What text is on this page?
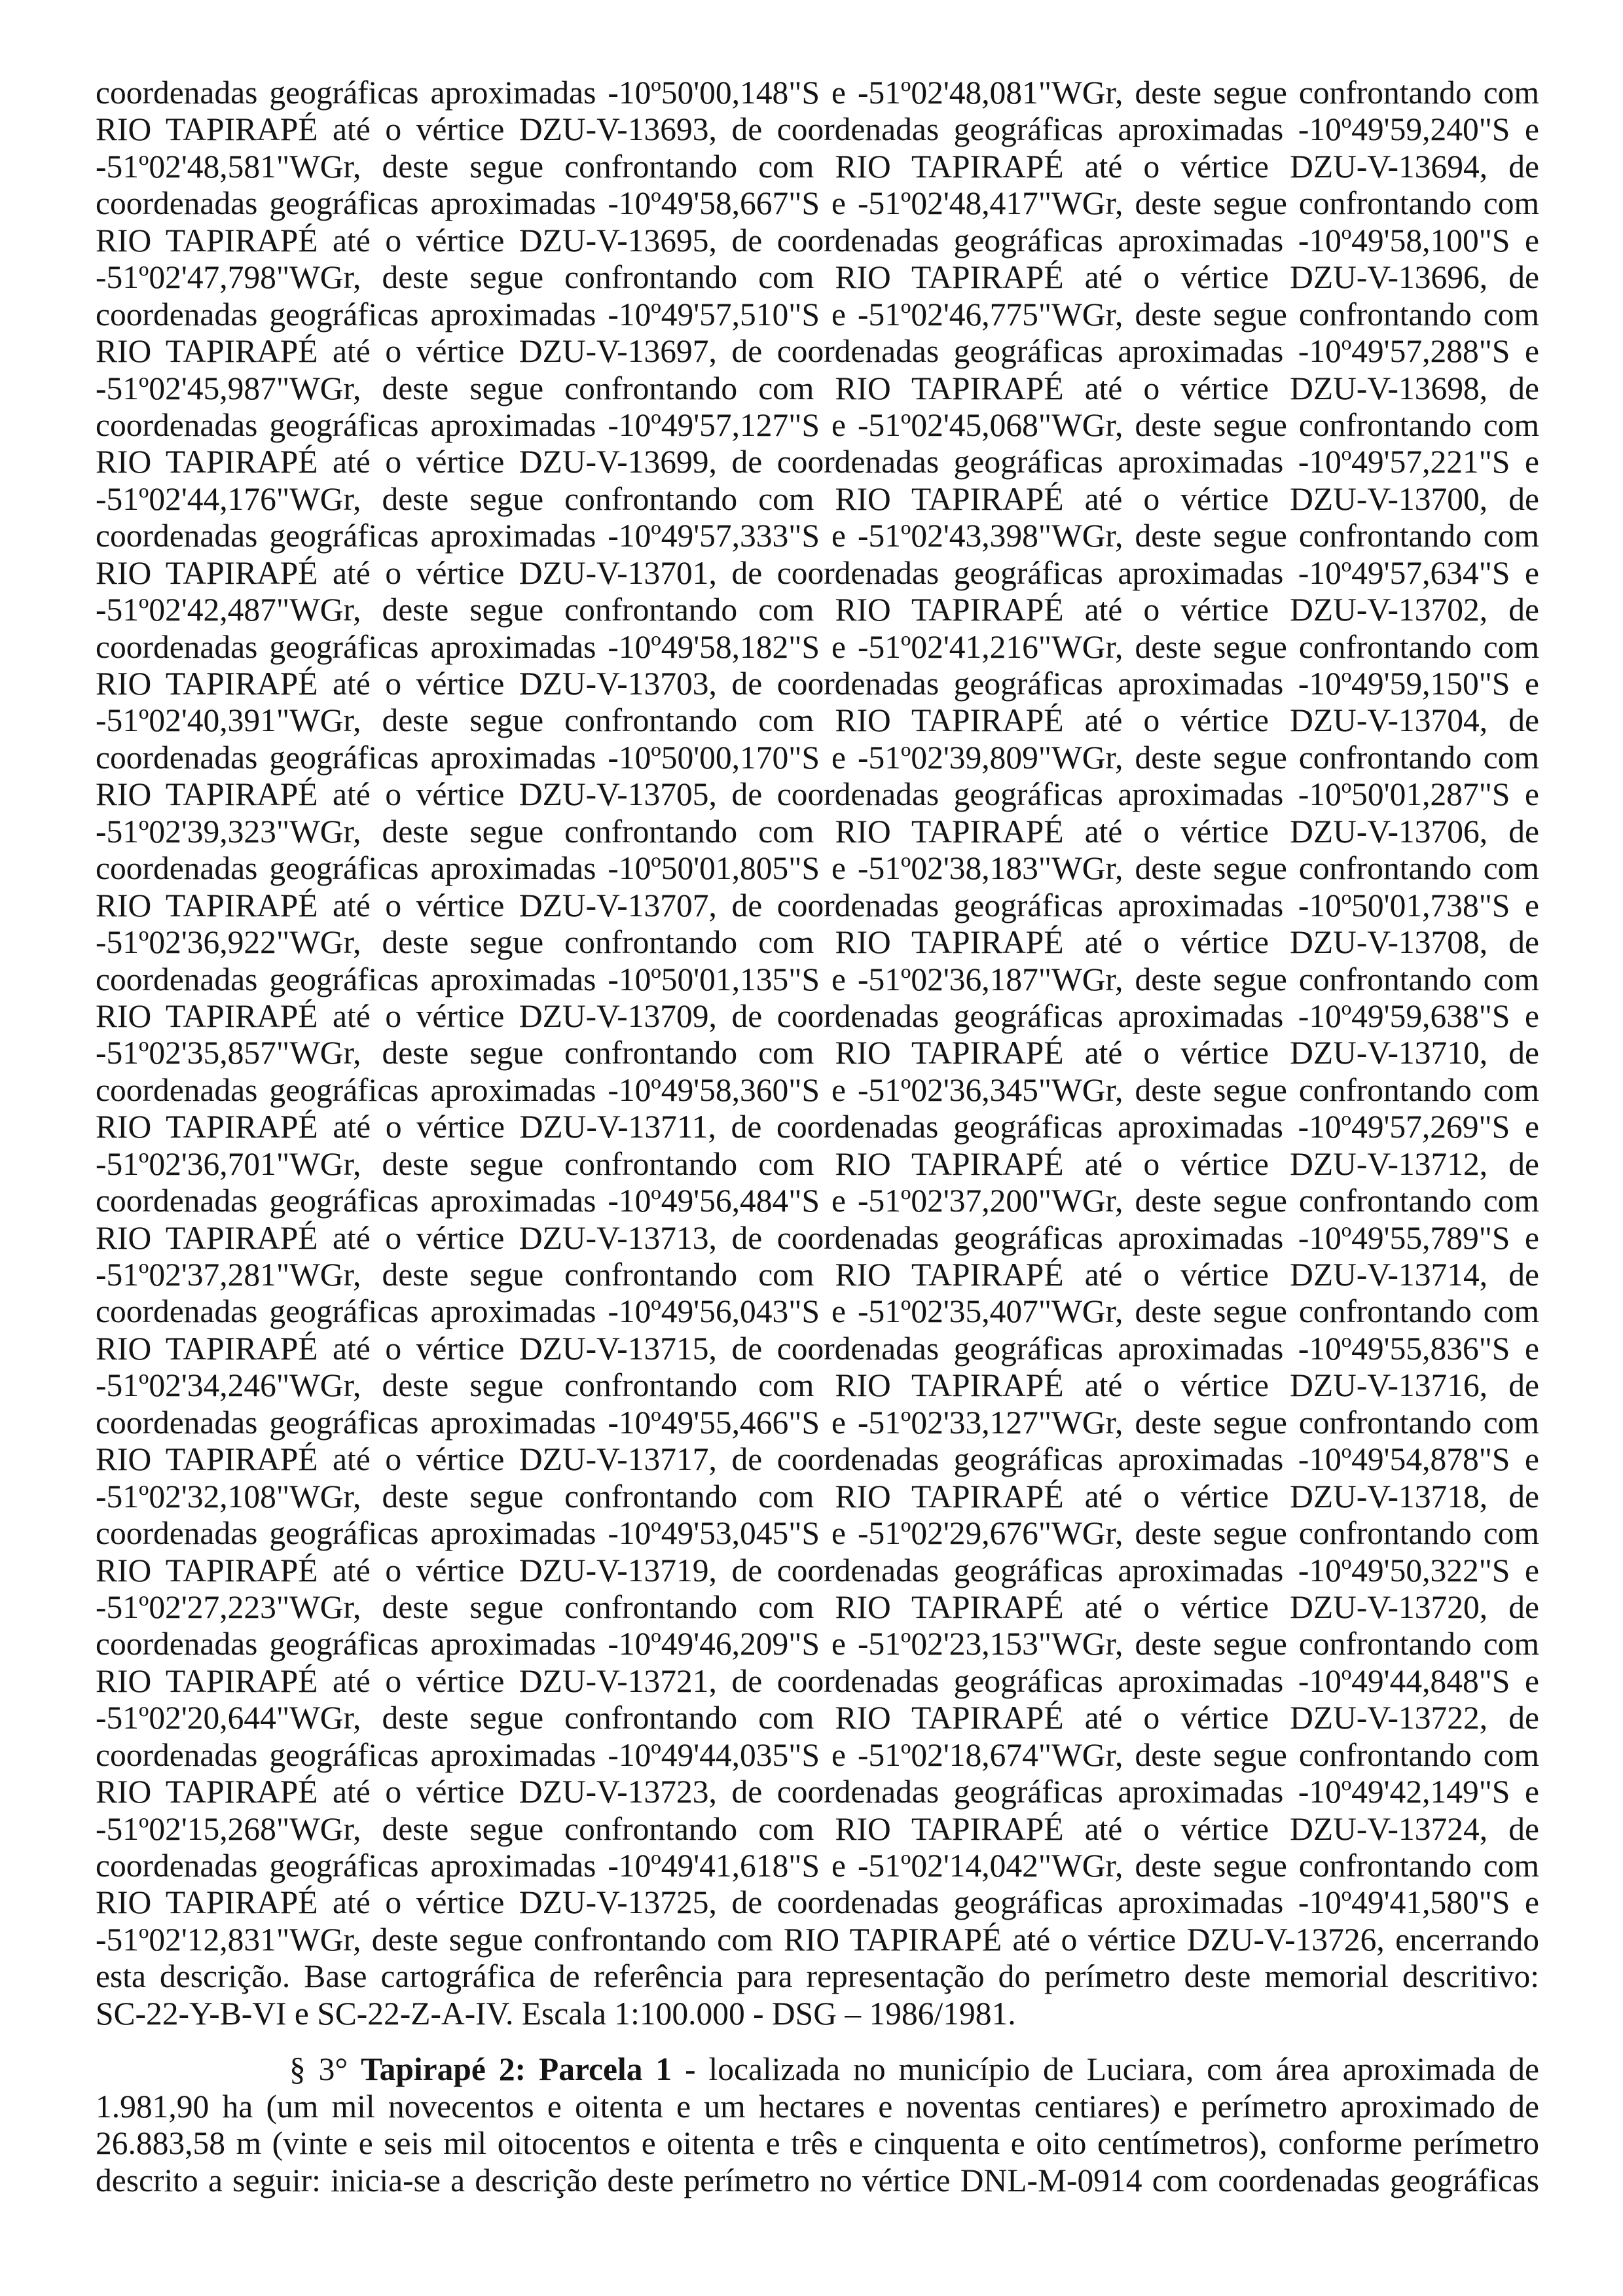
coordenadas geográficas aproximadas -10º50'00,148"S e -51º02'48,081"WGr, deste segue confrontando com
RIO TAPIRAPÉ até o vértice DZU-V-13693, de coordenadas geográficas aproximadas -10º49'59,240"S e
-51º02'48,581"WGr, deste segue confrontando com RIO TAPIRAPÉ até o vértice DZU-V-13694, de
coordenadas geográficas aproximadas -10º49'58,667"S e -51º02'48,417"WGr, deste segue confrontando com
RIO TAPIRAPÉ até o vértice DZU-V-13695, de coordenadas geográficas aproximadas -10º49'58,100"S e
-51º02'47,798"WGr, deste segue confrontando com RIO TAPIRAPÉ até o vértice DZU-V-13696, de
coordenadas geográficas aproximadas -10º49'57,510"S e -51º02'46,775"WGr, deste segue confrontando com
RIO TAPIRAPÉ até o vértice DZU-V-13697, de coordenadas geográficas aproximadas -10º49'57,288"S e
-51º02'45,987"WGr, deste segue confrontando com RIO TAPIRAPÉ até o vértice DZU-V-13698, de
coordenadas geográficas aproximadas -10º49'57,127"S e -51º02'45,068"WGr, deste segue confrontando com
RIO TAPIRAPÉ até o vértice DZU-V-13699, de coordenadas geográficas aproximadas -10º49'57,221"S e
-51º02'44,176"WGr, deste segue confrontando com RIO TAPIRAPÉ até o vértice DZU-V-13700, de
coordenadas geográficas aproximadas -10º49'57,333"S e -51º02'43,398"WGr, deste segue confrontando com
RIO TAPIRAPÉ até o vértice DZU-V-13701, de coordenadas geográficas aproximadas -10º49'57,634"S e
-51º02'42,487"WGr, deste segue confrontando com RIO TAPIRAPÉ até o vértice DZU-V-13702, de
coordenadas geográficas aproximadas -10º49'58,182"S e -51º02'41,216"WGr, deste segue confrontando com
RIO TAPIRAPÉ até o vértice DZU-V-13703, de coordenadas geográficas aproximadas -10º49'59,150"S e
-51º02'40,391"WGr, deste segue confrontando com RIO TAPIRAPÉ até o vértice DZU-V-13704, de
coordenadas geográficas aproximadas -10º50'00,170"S e -51º02'39,809"WGr, deste segue confrontando com
RIO TAPIRAPÉ até o vértice DZU-V-13705, de coordenadas geográficas aproximadas -10º50'01,287"S e
-51º02'39,323"WGr, deste segue confrontando com RIO TAPIRAPÉ até o vértice DZU-V-13706, de
coordenadas geográficas aproximadas -10º50'01,805"S e -51º02'38,183"WGr, deste segue confrontando com
RIO TAPIRAPÉ até o vértice DZU-V-13707, de coordenadas geográficas aproximadas -10º50'01,738"S e
-51º02'36,922"WGr, deste segue confrontando com RIO TAPIRAPÉ até o vértice DZU-V-13708, de
coordenadas geográficas aproximadas -10º50'01,135"S e -51º02'36,187"WGr, deste segue confrontando com
RIO TAPIRAPÉ até o vértice DZU-V-13709, de coordenadas geográficas aproximadas -10º49'59,638"S e
-51º02'35,857"WGr, deste segue confrontando com RIO TAPIRAPÉ até o vértice DZU-V-13710, de
coordenadas geográficas aproximadas -10º49'58,360"S e -51º02'36,345"WGr, deste segue confrontando com
RIO TAPIRAPÉ até o vértice DZU-V-13711, de coordenadas geográficas aproximadas -10º49'57,269"S e
-51º02'36,701"WGr, deste segue confrontando com RIO TAPIRAPÉ até o vértice DZU-V-13712, de
coordenadas geográficas aproximadas -10º49'56,484"S e -51º02'37,200"WGr, deste segue confrontando com
RIO TAPIRAPÉ até o vértice DZU-V-13713, de coordenadas geográficas aproximadas -10º49'55,789"S e
-51º02'37,281"WGr, deste segue confrontando com RIO TAPIRAPÉ até o vértice DZU-V-13714, de
coordenadas geográficas aproximadas -10º49'56,043"S e -51º02'35,407"WGr, deste segue confrontando com
RIO TAPIRAPÉ até o vértice DZU-V-13715, de coordenadas geográficas aproximadas -10º49'55,836"S e
-51º02'34,246"WGr, deste segue confrontando com RIO TAPIRAPÉ até o vértice DZU-V-13716, de
coordenadas geográficas aproximadas -10º49'55,466"S e -51º02'33,127"WGr, deste segue confrontando com
RIO TAPIRAPÉ até o vértice DZU-V-13717, de coordenadas geográficas aproximadas -10º49'54,878"S e
-51º02'32,108"WGr, deste segue confrontando com RIO TAPIRAPÉ até o vértice DZU-V-13718, de
coordenadas geográficas aproximadas -10º49'53,045"S e -51º02'29,676"WGr, deste segue confrontando com
RIO TAPIRAPÉ até o vértice DZU-V-13719, de coordenadas geográficas aproximadas -10º49'50,322"S e
-51º02'27,223"WGr, deste segue confrontando com RIO TAPIRAPÉ até o vértice DZU-V-13720, de
coordenadas geográficas aproximadas -10º49'46,209"S e -51º02'23,153"WGr, deste segue confrontando com
RIO TAPIRAPÉ até o vértice DZU-V-13721, de coordenadas geográficas aproximadas -10º49'44,848"S e
-51º02'20,644"WGr, deste segue confrontando com RIO TAPIRAPÉ até o vértice DZU-V-13722, de
coordenadas geográficas aproximadas -10º49'44,035"S e -51º02'18,674"WGr, deste segue confrontando com
RIO TAPIRAPÉ até o vértice DZU-V-13723, de coordenadas geográficas aproximadas -10º49'42,149"S e
-51º02'15,268"WGr, deste segue confrontando com RIO TAPIRAPÉ até o vértice DZU-V-13724, de
coordenadas geográficas aproximadas -10º49'41,618"S e -51º02'14,042"WGr, deste segue confrontando com
RIO TAPIRAPÉ até o vértice DZU-V-13725, de coordenadas geográficas aproximadas -10º49'41,580"S e
-51º02'12,831"WGr, deste segue confrontando com RIO TAPIRAPÉ até o vértice DZU-V-13726, encerrando
esta descrição. Base cartográfica de referência para representação do perímetro deste memorial descritivo:
SC-22-Y-B-VI e SC-22-Z-A-IV. Escala 1:100.000 - DSG – 1986/1981.
§ 3° Tapirapé 2: Parcela 1 - localizada no município de Luciara, com área aproximada de
1.981,90 ha (um mil novecentos e oitenta e um hectares e noventas centiares) e perímetro aproximado de
26.883,58 m (vinte e seis mil oitocentos e oitenta e três e cinquenta e oito centímetros), conforme perímetro
descrito a seguir: inicia-se a descrição deste perímetro no vértice DNL-M-0914 com coordenadas geográficas
